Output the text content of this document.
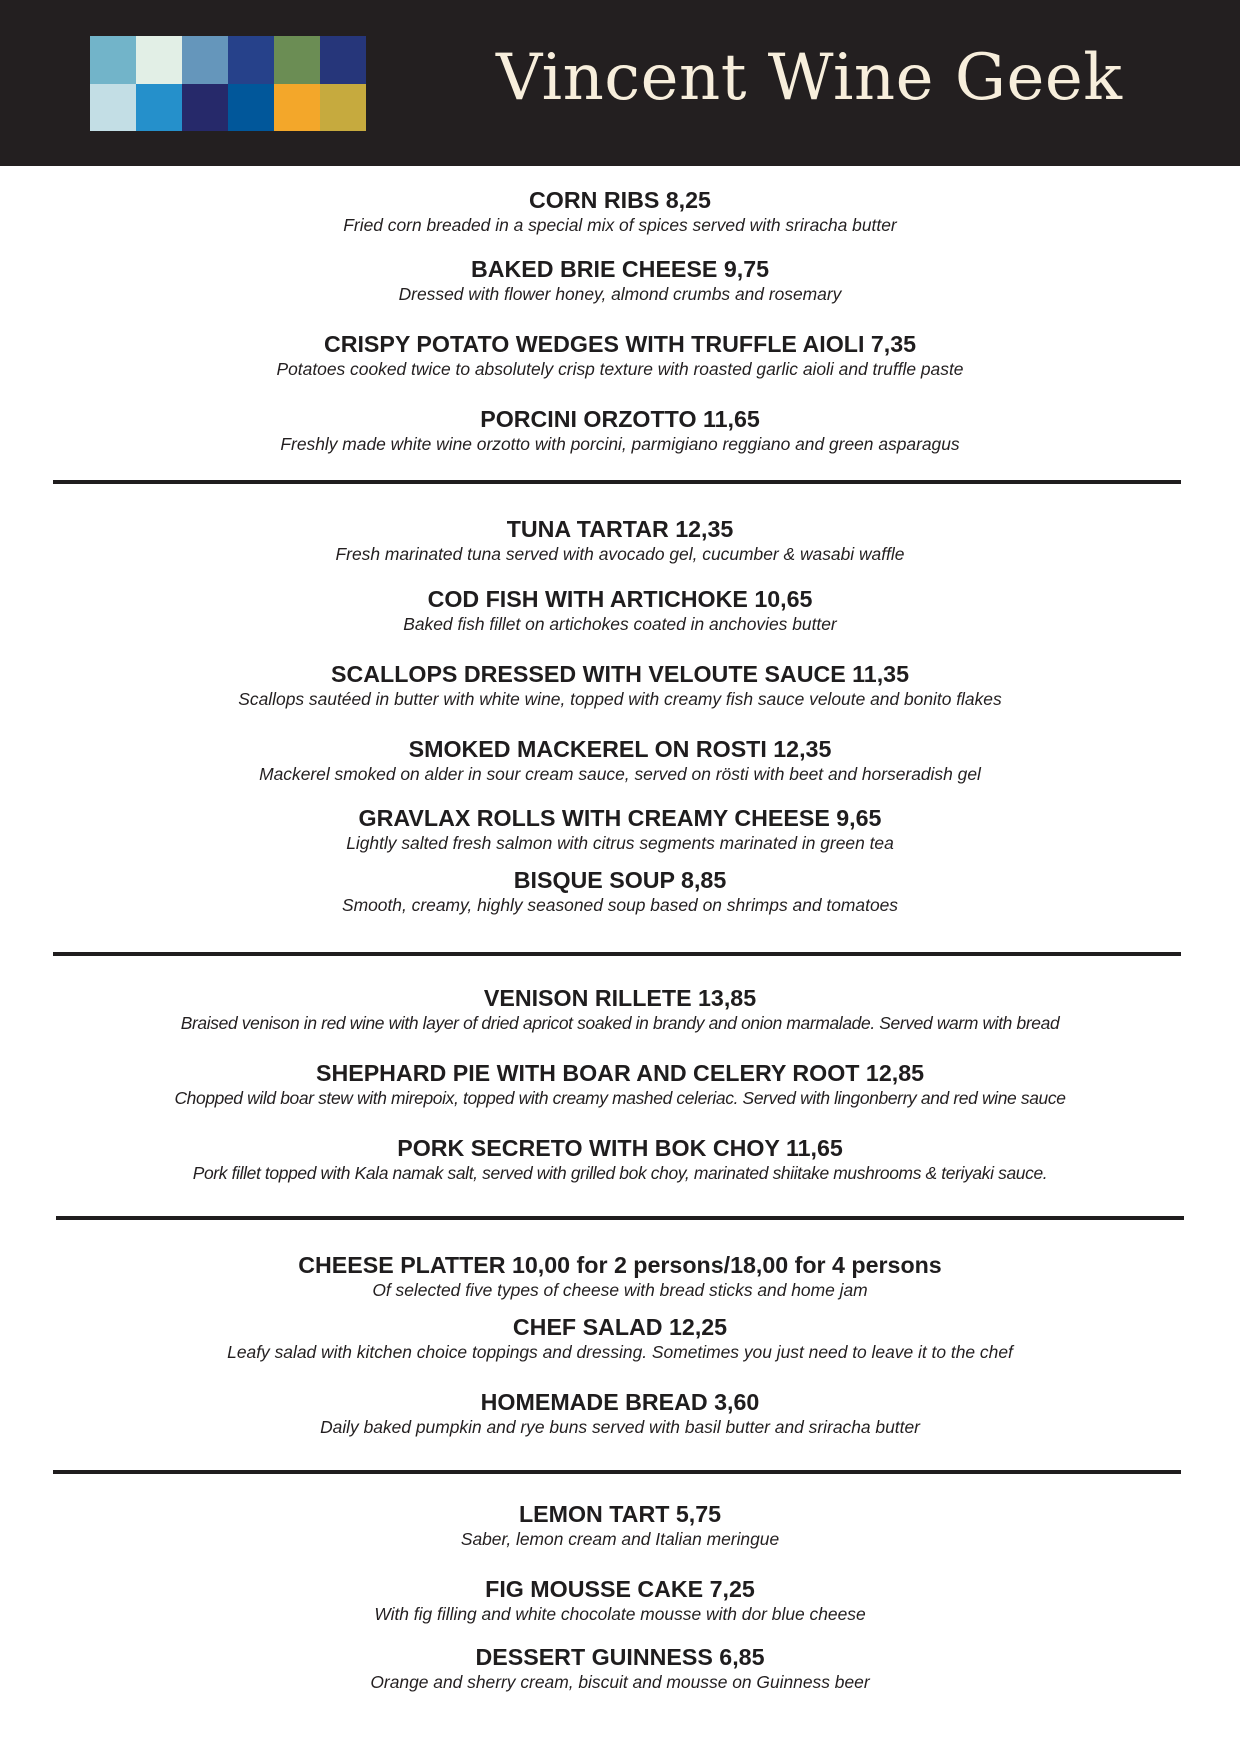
Vincent Wine Geek
CORN RIBS 8,25
Fried corn breaded in a special mix of spices served with sriracha butter
BAKED BRIE CHEESE 9,75
Dressed with flower honey, almond crumbs and rosemary
CRISPY POTATO WEDGES WITH TRUFFLE AIOLI 7,35
Potatoes cooked twice to absolutely crisp texture with roasted garlic aioli and truffle paste
PORCINI ORZOTTO 11,65
Freshly made white wine orzotto with porcini, parmigiano reggiano and green asparagus
TUNA TARTAR 12,35
Fresh marinated tuna served with avocado gel, cucumber & wasabi waffle
COD FISH WITH ARTICHOKE 10,65
Baked fish fillet on artichokes coated in anchovies butter
SCALLOPS DRESSED WITH VELOUTE SAUCE 11,35
Scallops sautéed in butter with white wine, topped with creamy fish sauce veloute and bonito flakes
SMOKED MACKEREL ON ROSTI 12,35
Mackerel smoked on alder in sour cream sauce, served on rösti with beet and horseradish gel
GRAVLAX ROLLS WITH CREAMY CHEESE 9,65
Lightly salted fresh salmon with citrus segments marinated in green tea
BISQUE SOUP 8,85
Smooth, creamy, highly seasoned soup based on shrimps and tomatoes
VENISON RILLETE 13,85
Braised venison in red wine with layer of dried apricot soaked in brandy and onion marmalade. Served warm with bread
SHEPHARD PIE WITH BOAR AND CELERY ROOT 12,85
Chopped wild boar stew with mirepoix, topped with creamy mashed celeriac. Served with lingonberry and red wine sauce
PORK SECRETO WITH BOK CHOY 11,65
Pork fillet topped with Kala namak salt, served with grilled bok choy, marinated shiitake mushrooms & teriyaki sauce.
CHEESE PLATTER 10,00 for 2 persons/18,00 for 4 persons
Of selected five types of cheese with bread sticks and home jam
CHEF SALAD 12,25
Leafy salad with kitchen choice toppings and dressing. Sometimes you just need to leave it to the chef
HOMEMADE BREAD 3,60
Daily baked pumpkin and rye buns served with basil butter and sriracha butter
LEMON TART 5,75
Saber, lemon cream and Italian meringue
FIG MOUSSE CAKE 7,25
With fig filling and white chocolate mousse with dor blue cheese
DESSERT GUINNESS 6,85
Orange and sherry cream, biscuit and mousse on Guinness beer
